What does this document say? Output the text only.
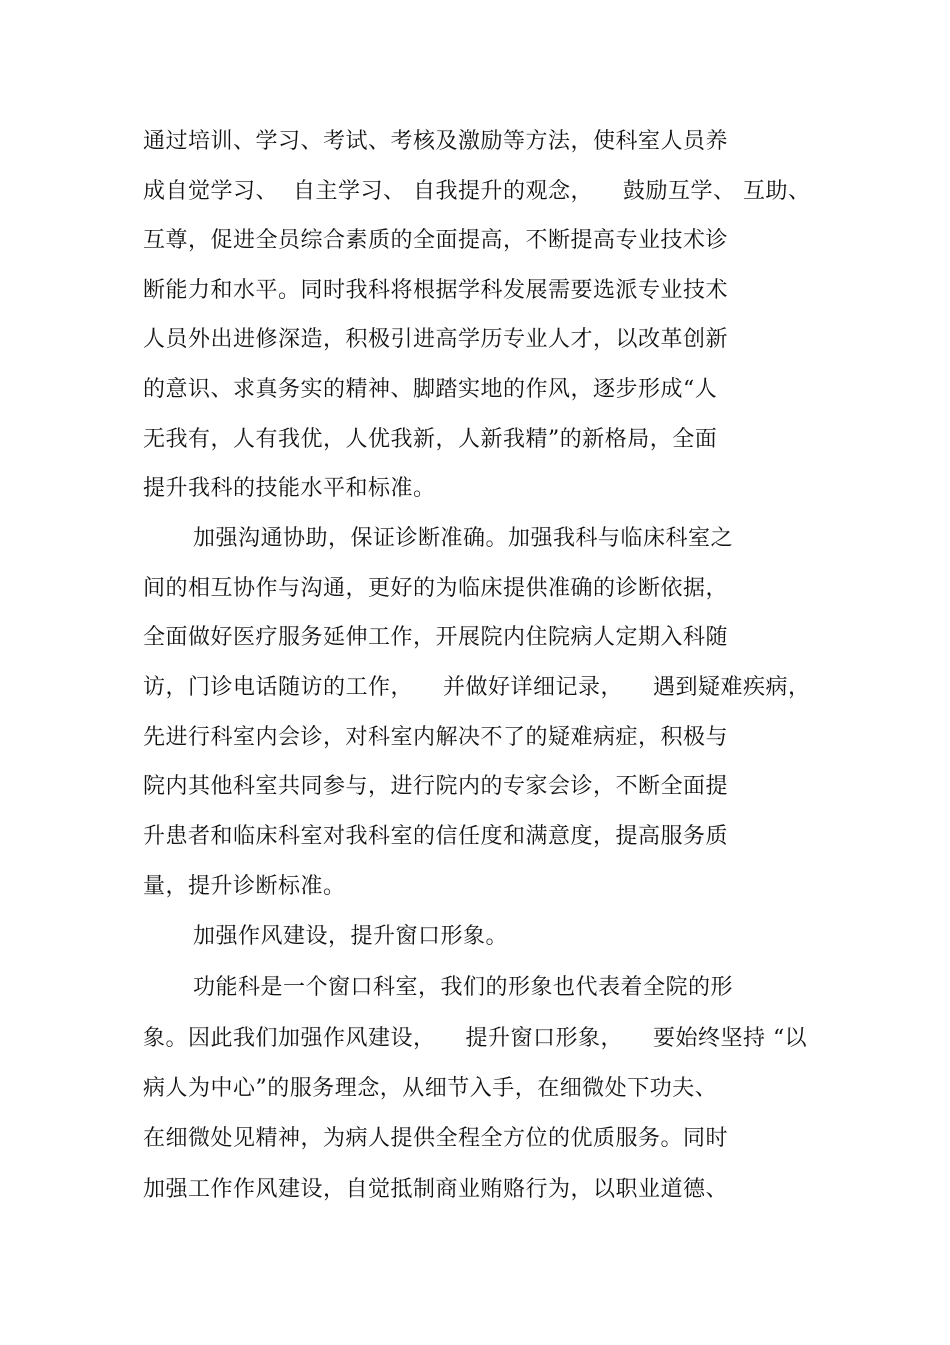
通过培训、学习、考试、考核及激励等方法，使科室人员养
成自觉学习、  自主学习、 自我提升的观念，    鼓励互学、 互助、
互尊，促进全员综合素质的全面提高，不断提高专业技术诊
断能力和水平。同时我科将根据学科发展需要选派专业技术
人员外出进修深造，积极引进高学历专业人才，以改革创新
的意识、求真务实的精神、脚踏实地的作风，逐步形成“人
无我有，人有我优，人优我新，人新我精”的新格局，全面
提升我科的技能水平和标准。
加强沟通协助，保证诊断准确。加强我科与临床科室之
间的相互协作与沟通，更好的为临床提供准确的诊断依据，
全面做好医疗服务延伸工作，开展院内住院病人定期入科随
访，门诊电话随访的工作，    并做好详细记录，    遇到疑难疾病，
先进行科室内会诊，对科室内解决不了的疑难病症，积极与
院内其他科室共同参与，进行院内的专家会诊，不断全面提
升患者和临床科室对我科室的信任度和满意度，提高服务质
量，提升诊断标准。
加强作风建设，提升窗口形象。
功能科是一个窗口科室，我们的形象也代表着全院的形
象。因此我们加强作风建设，    提升窗口形象，    要始终坚持 “以
病人为中心”的服务理念，从细节入手，在细微处下功夫、
在细微处见精神，为病人提供全程全方位的优质服务。同时
加强工作作风建设，自觉抵制商业贿赂行为，以职业道德、
